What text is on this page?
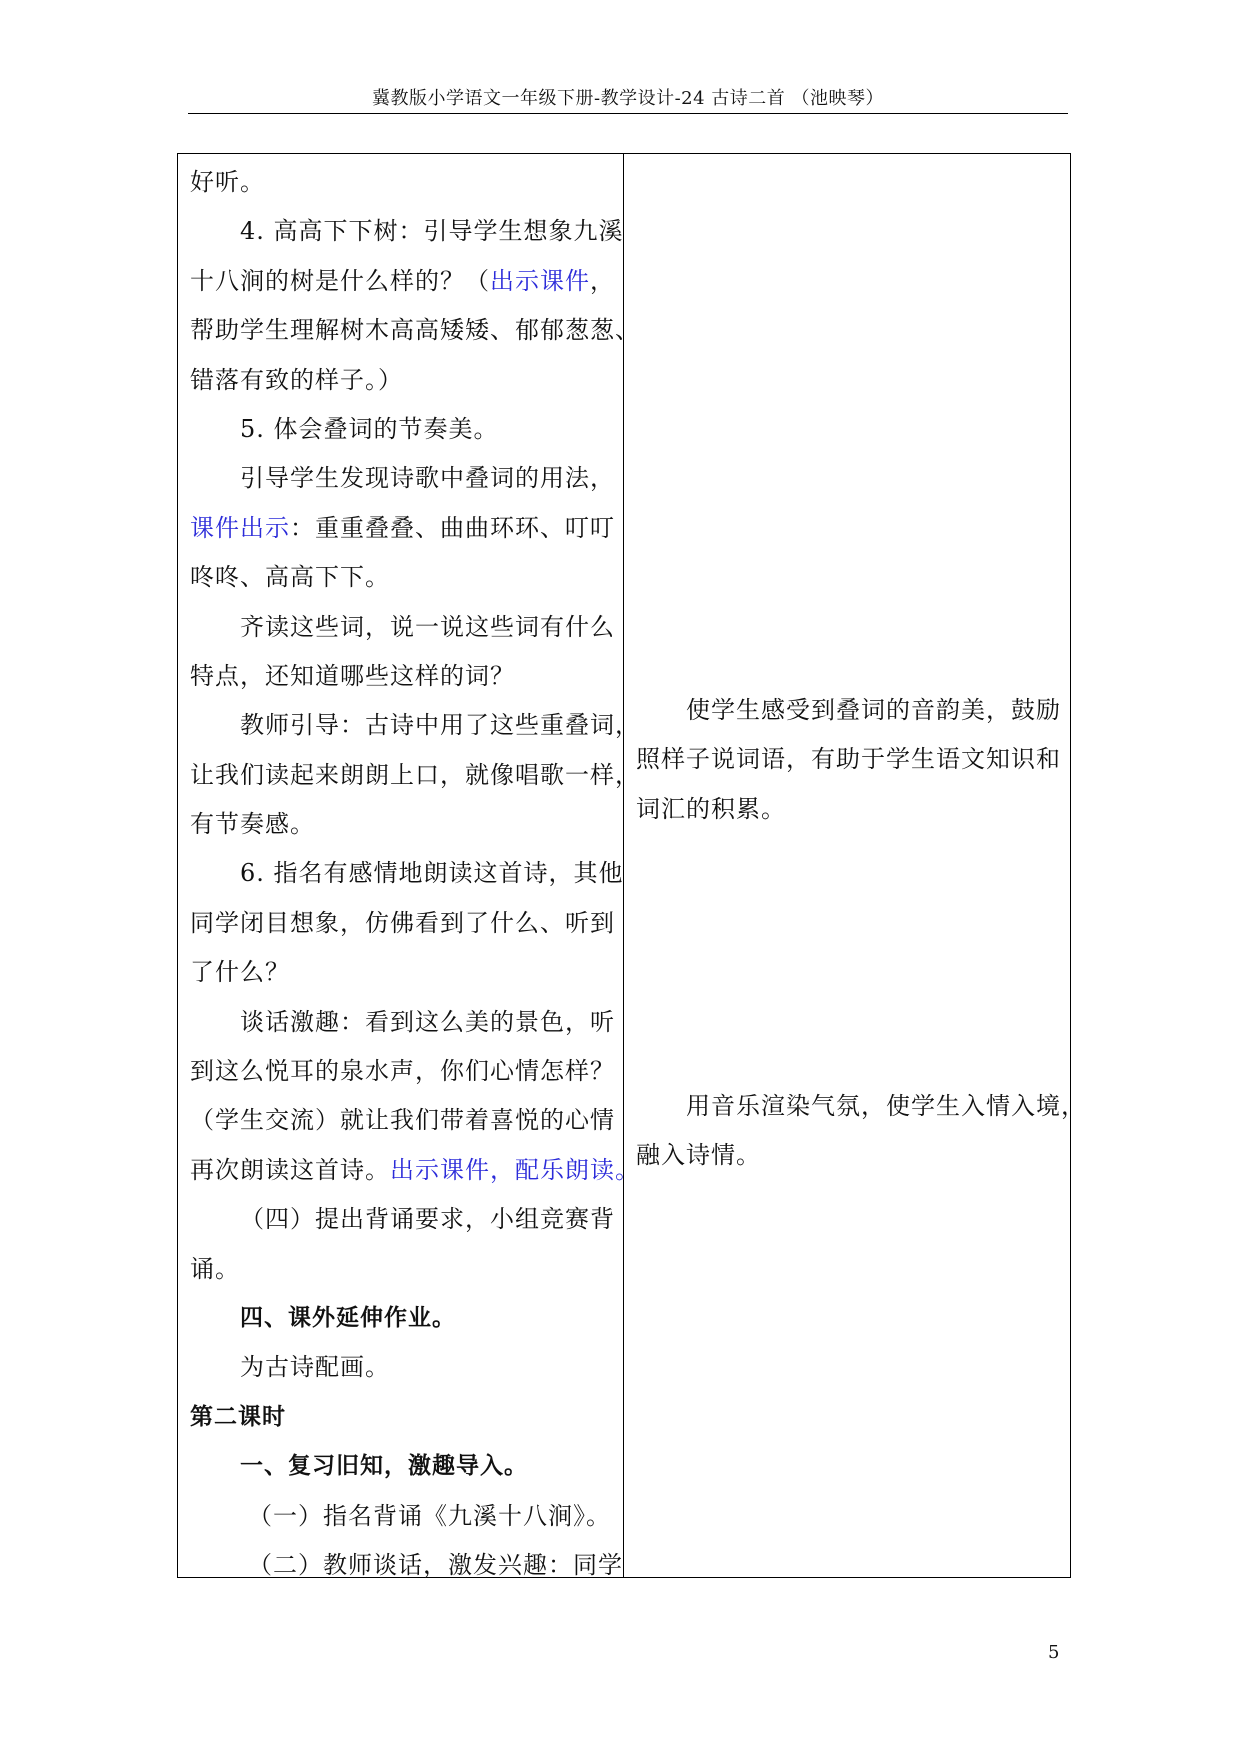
冀教版小学语文一年级下册-教学设计-24 古诗二首 （池映琴）
好听。
4. 高高下下树：引导学生想象九溪
十八涧的树是什么样的？（出示课件，
帮助学生理解树木高高矮矮、郁郁葱葱、
错落有致的样子。）
5. 体会叠词的节奏美。
引导学生发现诗歌中叠词的用法，
课件出示：重重叠叠、曲曲环环、叮叮
咚咚、高高下下。
齐读这些词，说一说这些词有什么
特点，还知道哪些这样的词？
教师引导：古诗中用了这些重叠词，
让我们读起来朗朗上口，就像唱歌一样，
有节奏感。
6. 指名有感情地朗读这首诗，其他
同学闭目想象，仿佛看到了什么、听到
了什么？
谈话激趣：看到这么美的景色，听
到这么悦耳的泉水声，你们心情怎样？
（学生交流）就让我们带着喜悦的心情
再次朗读这首诗。出示课件，配乐朗读。
（四）提出背诵要求，小组竞赛背
诵。
四、课外延伸作业。
为古诗配画。
第二课时
一、复习旧知，激趣导入。
（一）指名背诵《九溪十八涧》。
（二）教师谈话，激发兴趣：同学
使学生感受到叠词的音韵美，鼓励
照样子说词语，有助于学生语文知识和
词汇的积累。
用音乐渲染气氛，使学生入情入境，
融入诗情。
5
